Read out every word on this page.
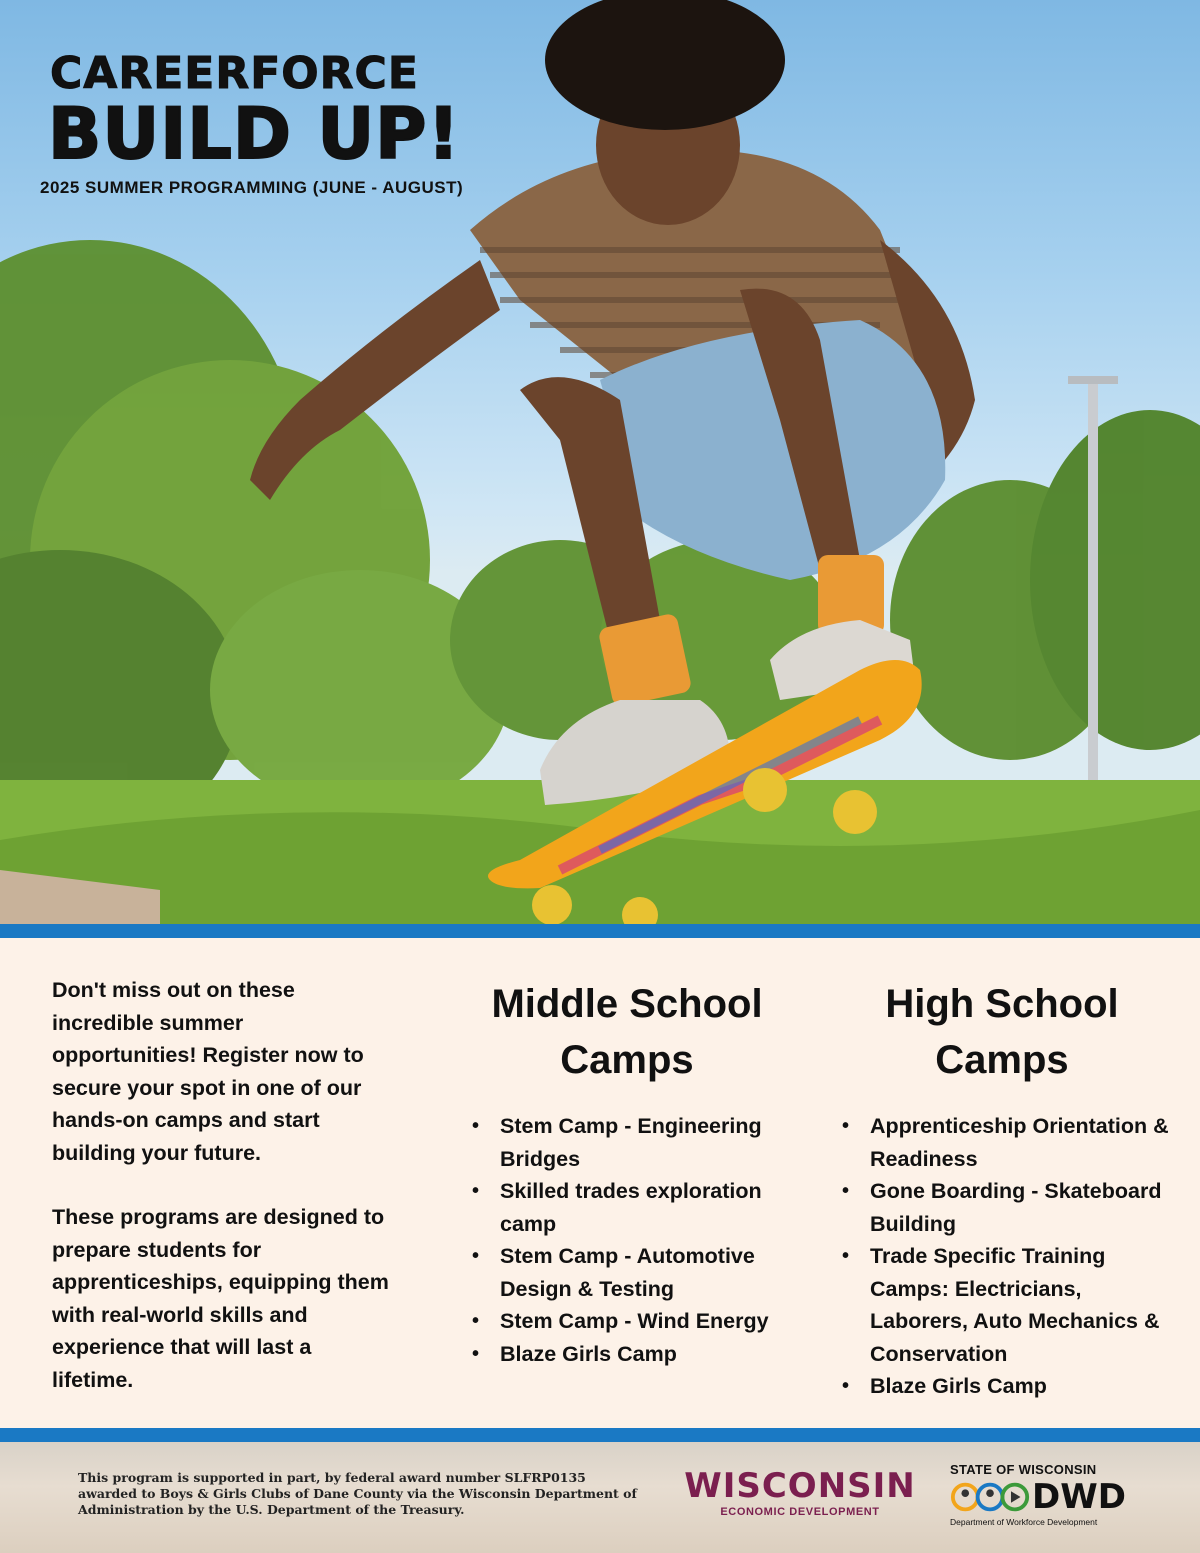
CAREERFORCE
BUILD UP!
2025 SUMMER PROGRAMMING (JUNE - AUGUST)

Don't miss out on these incredible summer opportunities! Register now to secure your spot in one of our hands-on camps and start building your future.

These programs are designed to prepare students for apprenticeships, equipping them with real-world skills and experience that will last a lifetime.

Middle School Camps
• Stem Camp - Engineering Bridges
• Skilled trades exploration camp
• Stem Camp - Automotive Design & Testing
• Stem Camp - Wind Energy
• Blaze Girls Camp
High School Camps
• Apprenticeship Orientation & Readiness
• Gone Boarding - Skateboard Building
• Trade Specific Training Camps: Electricians, Laborers, Auto Mechanics & Conservation
• Blaze Girls Camp
This program is supported in part, by federal award number SLFRP0135 awarded to Boys & Girls Clubs of Dane County via the Wisconsin Department of Administration by the U.S. Department of the Treasury.
WISCONSIN
ECONOMIC DEVELOPMENT
STATE OF WISCONSIN
DWD
Department of Workforce Development
